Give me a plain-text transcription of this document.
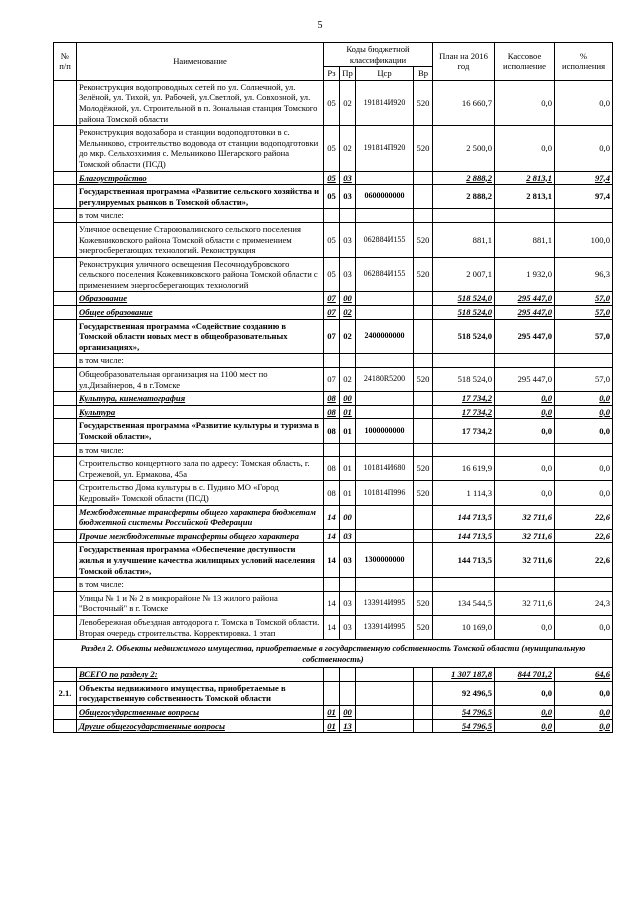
5
№
п/п	Наименование	Коды бюджетной классификации				План на 2016 год	Кассовое исполнение	%
исполнения
		Рз	Пр	Цср	Вр			
	Реконструкция водопроводных сетей по ул. Солнечной, ул. Зелёной, ул. Тихой, ул. Рабочей, ул.Светлой, ул. Совхозной, ул. Молодёжной, ул. Строительной в п. Зональная станция Томского района Томской области	05	02	191814И920	520	16 660,7	0,0	0,0
	Реконструкция водозабора и станции водоподготовки в с. Мельниково, строительство водовода от станции водоподготовки до мкр. Сельхозхимия с. Мельниково Шегарского района Томской области (ПСД)	05	02	191814П920	520	2 500,0	0,0	0,0
	Благоустройство	05	03			2 888,2	2 813,1	97,4
	Государственная программа «Развитие сельского хозяйства и регулируемых рынков в Томской области»,	05	03	0600000000		2 888,2	2 813,1	97,4
	в том числе:							
	Уличное освещение Староювалинского сельского поселения Кожевниковского района Томской области с применением энергосберегающих технологий. Реконструкция	05	03	062884И155	520	881,1	881,1	100,0
	Реконструкция уличного освещения Песочнодубровского сельского поселения Кожевниковского района Томской области с применением энергосберегающих технологий	05	03	062884И155	520	2 007,1	1 932,0	96,3
	Образование	07	00			518 524,0	295 447,0	57,0
	Общее образование	07	02			518 524,0	295 447,0	57,0
	Государственная программа «Содействие созданию в Томской области новых мест в общеобразовательных организациях»,	07	02	2400000000		518 524,0	295 447,0	57,0
	в том числе:							
	Общеобразовательная организация на 1100 мест по ул.Дизайнеров, 4 в г.Томске	07	02	24180R5200	520	518 524,0	295 447,0	57,0
	Культура, кинематография	08	00			17 734,2	0,0	0,0
	Культура	08	01			17 734,2	0,0	0,0
	Государственная программа «Развитие культуры и туризма в Томской области»,	08	01	1000000000		17 734,2	0,0	0,0
	в том числе:							
	Строительство концертного зала по адресу: Томская область, г. Стрежевой, ул. Ермакова, 45а	08	01	101814И680	520	16 619,9	0,0	0,0
	Строительство Дома культуры в с. Пудино МО «Город Кедровый» Томской области (ПСД)	08	01	101814П996	520	1 114,3	0,0	0,0
	Межбюджетные трансферты общего характера бюджетам бюджетной системы Российской Федерации	14	00			144 713,5	32 711,6	22,6
	Прочие межбюджетные трансферты общего характера	14	03			144 713,5	32 711,6	22,6
	Государственная программа «Обеспечение доступности жилья и улучшение качества жилищных условий населения Томской области»,	14	03	1300000000		144 713,5	32 711,6	22,6
	в том числе:							
	Улицы № 1 и № 2 в микрорайоне № 13 жилого района "Восточный" в г. Томске	14	03	133914И995	520	134 544,5	32 711,6	24,3
	Левобережная объездная автодорога г. Томска в Томской области. Вторая очередь строительства. Корректировка. 1 этап	14	03	133914И995	520	10 169,0	0,0	0,0
Раздел 2. Объекты недвижимого имущества, приобретаемые в государственную собственность Томской области (муниципальную собственность)								
	ВСЕГО по разделу 2:					1 307 187,8	844 701,2	64,6
2.1.	Объекты недвижимого имущества, приобретаемые в государственную собственность Томской области					92 496,5	0,0	0,0
	Общегосударственные вопросы	01	00			54 796,5	0,0	0,0
	Другие общегосударственные вопросы	01	13			54 796,5	0,0	0,0
